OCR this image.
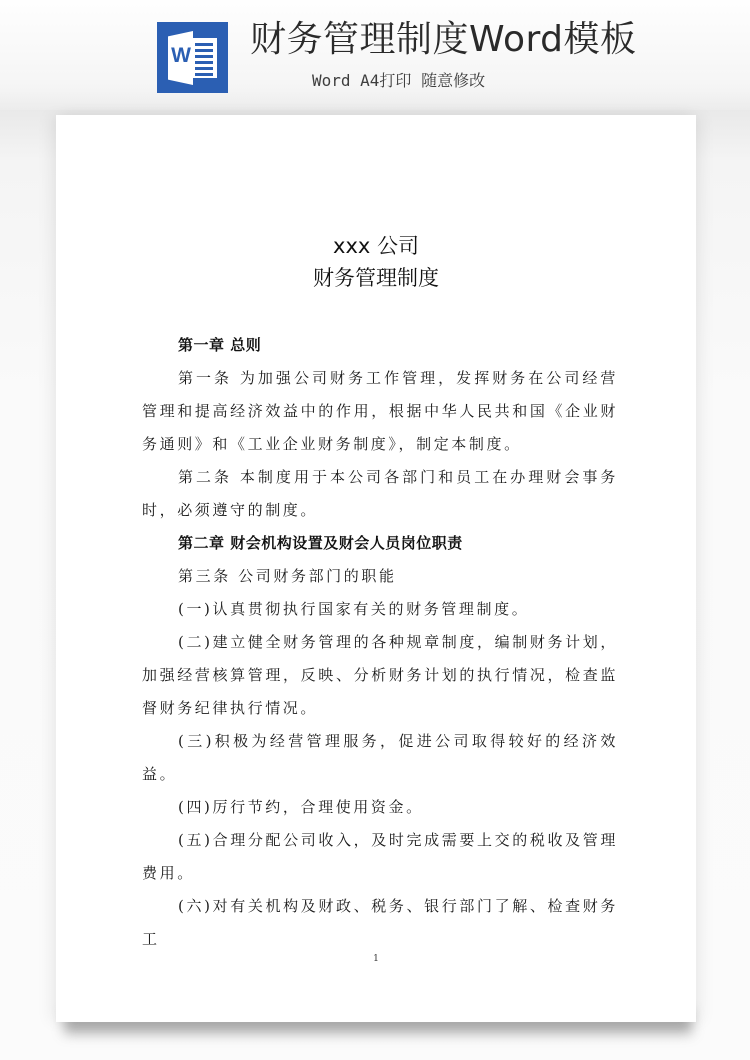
W 财务管理制度Word模板
Word A4打印 随意修改
xxx 公司
财务管理制度

第一章 总则

第一条 为加强公司财务工作管理，发挥财务在公司经营管理和提高经济效益中的作用，根据中华人民共和国《企业财务通则》和《工业企业财务制度》，制定本制度。

第二条 本制度用于本公司各部门和员工在办理财会事务时，必须遵守的制度。

第二章 财会机构设置及财会人员岗位职责

第三条 公司财务部门的职能

(一)认真贯彻执行国家有关的财务管理制度。

(二)建立健全财务管理的各种规章制度，编制财务计划，加强经营核算管理，反映、分析财务计划的执行情况，检查监督财务纪律执行情况。

(三)积极为经营管理服务，促进公司取得较好的经济效益。

(四)厉行节约，合理使用资金。

(五)合理分配公司收入，及时完成需要上交的税收及管理费用。

(六)对有关机构及财政、税务、银行部门了解、检查财务工

1
